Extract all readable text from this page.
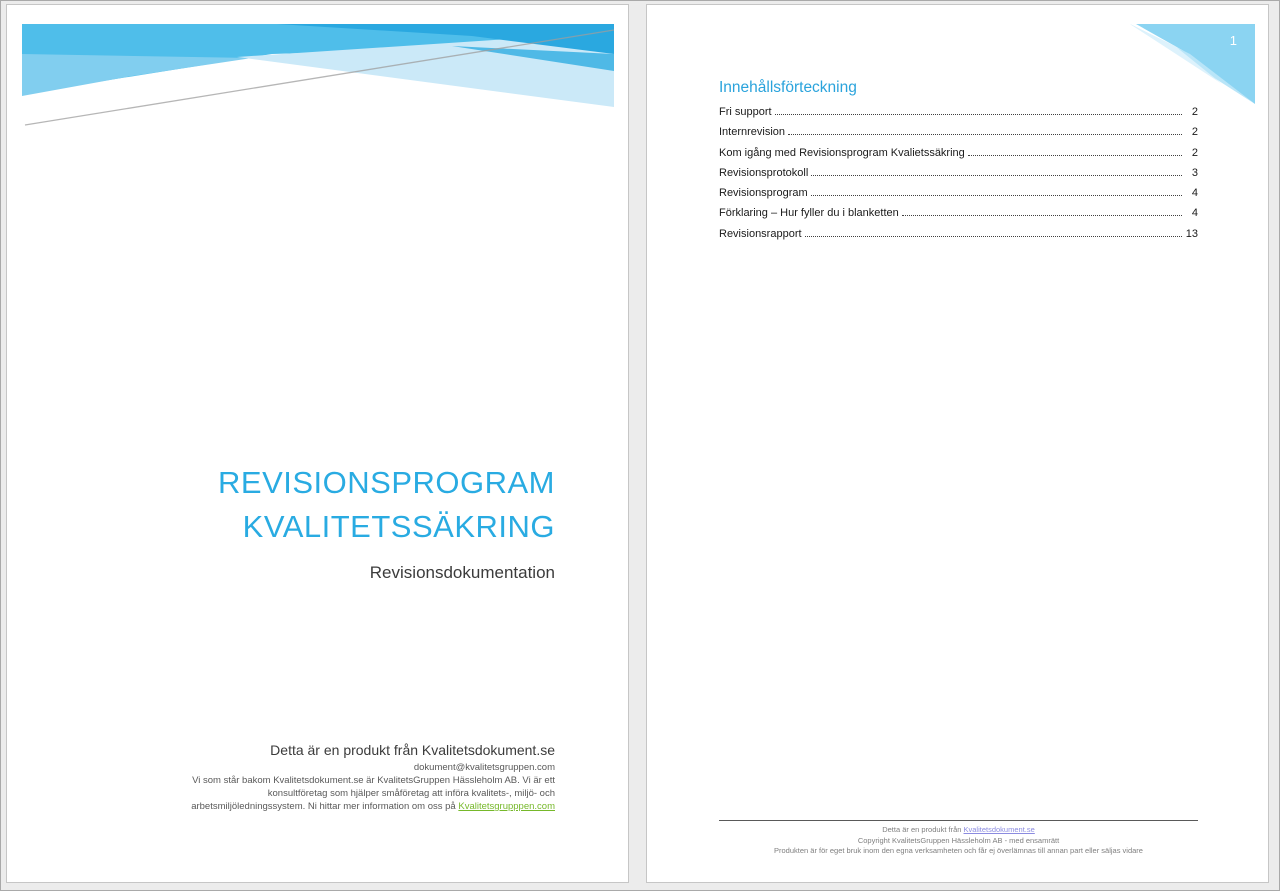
REVISIONSPROGRAM
KVALITETSSÄKRING
Revisionsdokumentation
Detta är en produkt från Kvalitetsdokument.se
dokument@kvalitetsgruppen.com
Vi som står bakom Kvalitetsdokument.se är KvalitetsGruppen Hässleholm AB. Vi är ett
konsultföretag som hjälper småföretag att införa kvalitets-, miljö- och
arbetsmiljöledningssystem. Ni hittar mer information om oss på Kvalitetsgrupppen.com
1
Innehållsförteckning
Fri support	2
Internrevision	2
Kom igång med Revisionsprogram Kvalietssäkring	2
Revisionsprotokoll	3
Revisionsprogram	4
Förklaring – Hur fyller du i blanketten	4
Revisionsrapport	13
Detta är en produkt från Kvalitetsdokument.se
Copyright KvalitetsGruppen Hässleholm AB - med ensamrätt
Produkten är för eget bruk inom den egna verksamheten och får ej överlämnas till annan part eller säljas vidare
